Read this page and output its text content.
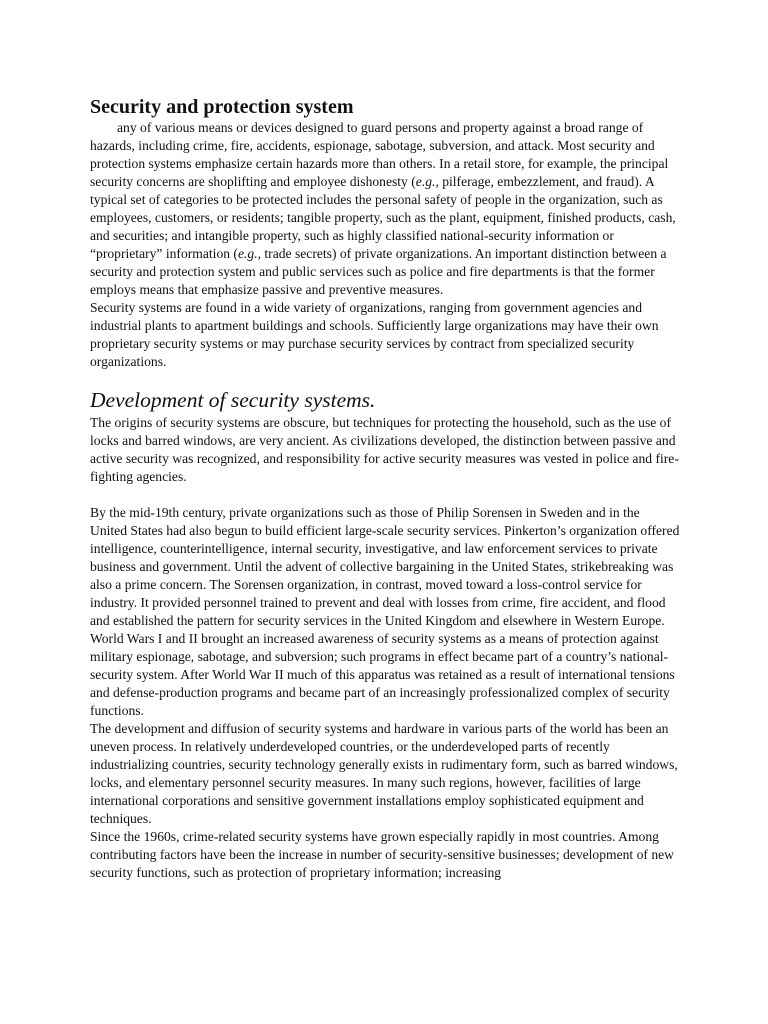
Security and protection system

any of various means or devices designed to guard persons and property against a broad range of hazards, including crime, fire, accidents, espionage, sabotage, subversion, and attack. Most security and protection systems emphasize certain hazards more than others. In a retail store, for example, the principal security concerns are shoplifting and employee dishonesty (e.g., pilferage, embezzlement, and fraud). A typical set of categories to be protected includes the personal safety of people in the organization, such as employees, customers, or residents; tangible property, such as the plant, equipment, finished products, cash, and securities; and intangible property, such as highly classified national-security information or “proprietary” information (e.g., trade secrets) of private organizations. An important distinction between a security and protection system and public services such as police and fire departments is that the former employs means that emphasize passive and preventive measures.

Security systems are found in a wide variety of organizations, ranging from government agencies and industrial plants to apartment buildings and schools. Sufficiently large organizations may have their own proprietary security systems or may purchase security services by contract from specialized security organizations.

Development of security systems.

The origins of security systems are obscure, but techniques for protecting the household, such as the use of locks and barred windows, are very ancient. As civilizations developed, the distinction between passive and active security was recognized, and responsibility for active security measures was vested in police and fire-fighting agencies.

By the mid-19th century, private organizations such as those of Philip Sorensen in Sweden and in the United States had also begun to build efficient large-scale security services. Pinkerton’s organization offered intelligence, counterintelligence, internal security, investigative, and law enforcement services to private business and government. Until the advent of collective bargaining in the United States, strikebreaking was also a prime concern. The Sorensen organization, in contrast, moved toward a loss-control service for industry. It provided personnel trained to prevent and deal with losses from crime, fire accident, and flood and established the pattern for security services in the United Kingdom and elsewhere in Western Europe.

World Wars I and II brought an increased awareness of security systems as a means of protection against military espionage, sabotage, and subversion; such programs in effect became part of a country’s national-security system. After World War II much of this apparatus was retained as a result of international tensions and defense-production programs and became part of an increasingly professionalized complex of security functions.

The development and diffusion of security systems and hardware in various parts of the world has been an uneven process. In relatively underdeveloped countries, or the underdeveloped parts of recently industrializing countries, security technology generally exists in rudimentary form, such as barred windows, locks, and elementary personnel security measures. In many such regions, however, facilities of large international corporations and sensitive government installations employ sophisticated equipment and techniques.

Since the 1960s, crime-related security systems have grown especially rapidly in most countries. Among contributing factors have been the increase in number of security-sensitive businesses; development of new security functions, such as protection of proprietary information; increasing
